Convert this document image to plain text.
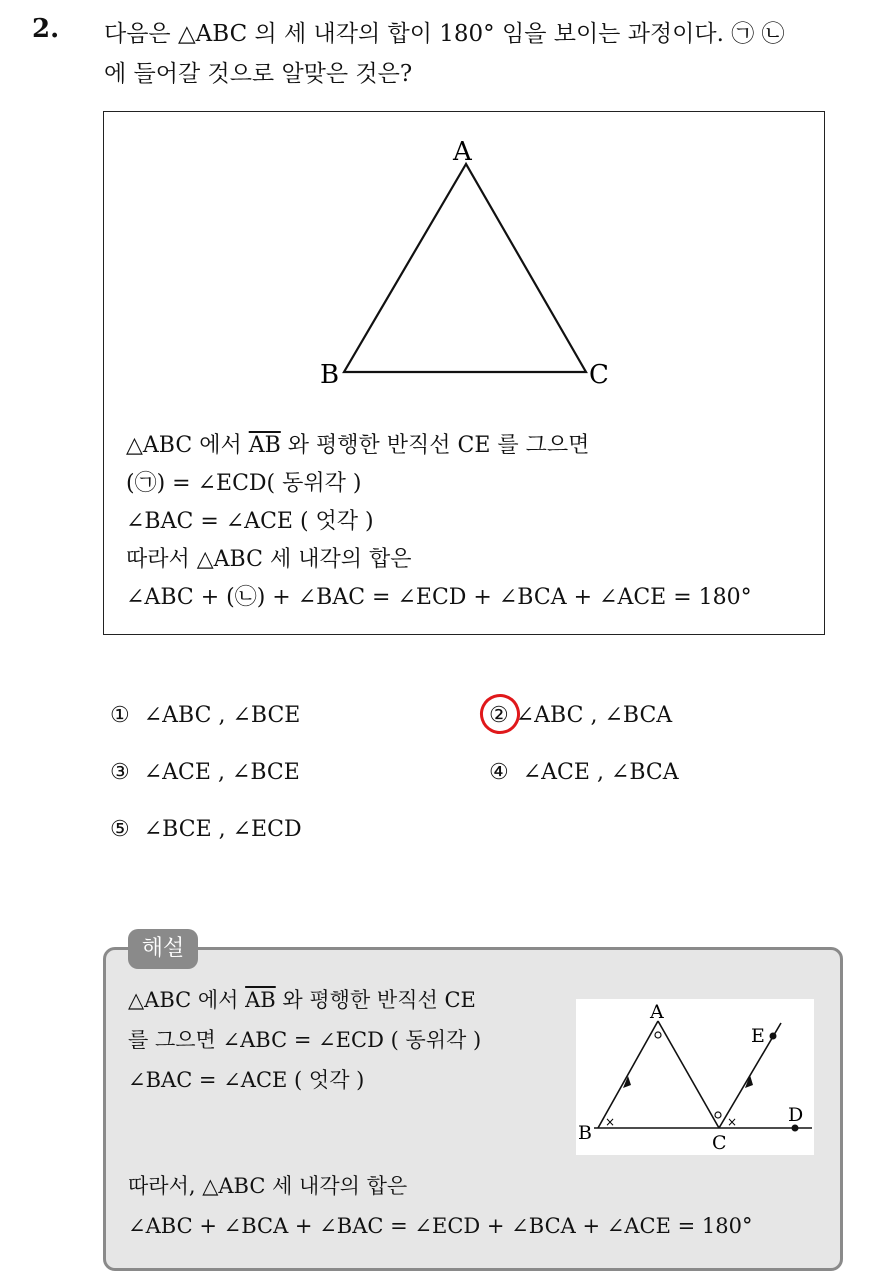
2. 다음은 △ABC 의 세 내각의 합이 180° 임을 보이는 과정이다. ㉠ ㉡
에 들어갈 것으로 알맞은 것은?
A
B	C
△ABC 에서 $\overline{AB}$ 와 평행한 반직선 CE 를 그으면
(㉠) = ∠ECD( 동위각 )
∠BAC = ∠ACE ( 엇각 )
따라서 △ABC 세 내각의 합은
∠ABC + (㉡) + ∠BAC = ∠ECD + ∠BCA + ∠ACE = 180°
① ∠ABC , ∠BCE	② ∠ABC , ∠BCA
③ ∠ACE , ∠BCE	④ ∠ACE , ∠BCA
⑤ ∠BCE , ∠ECD
△ABC 에서 $\overline{AB}$ 와 평행한 반직선 CE
를 그으면 ∠ABC = ∠ECD ( 동위각 )
∠BAC = ∠ACE ( 엇각 )
×	×
A
B	C
D
E
따라서, △ABC 세 내각의 합은
∠ABC + ∠BCA + ∠BAC = ∠ECD + ∠BCA + ∠ACE = 180°
해설
